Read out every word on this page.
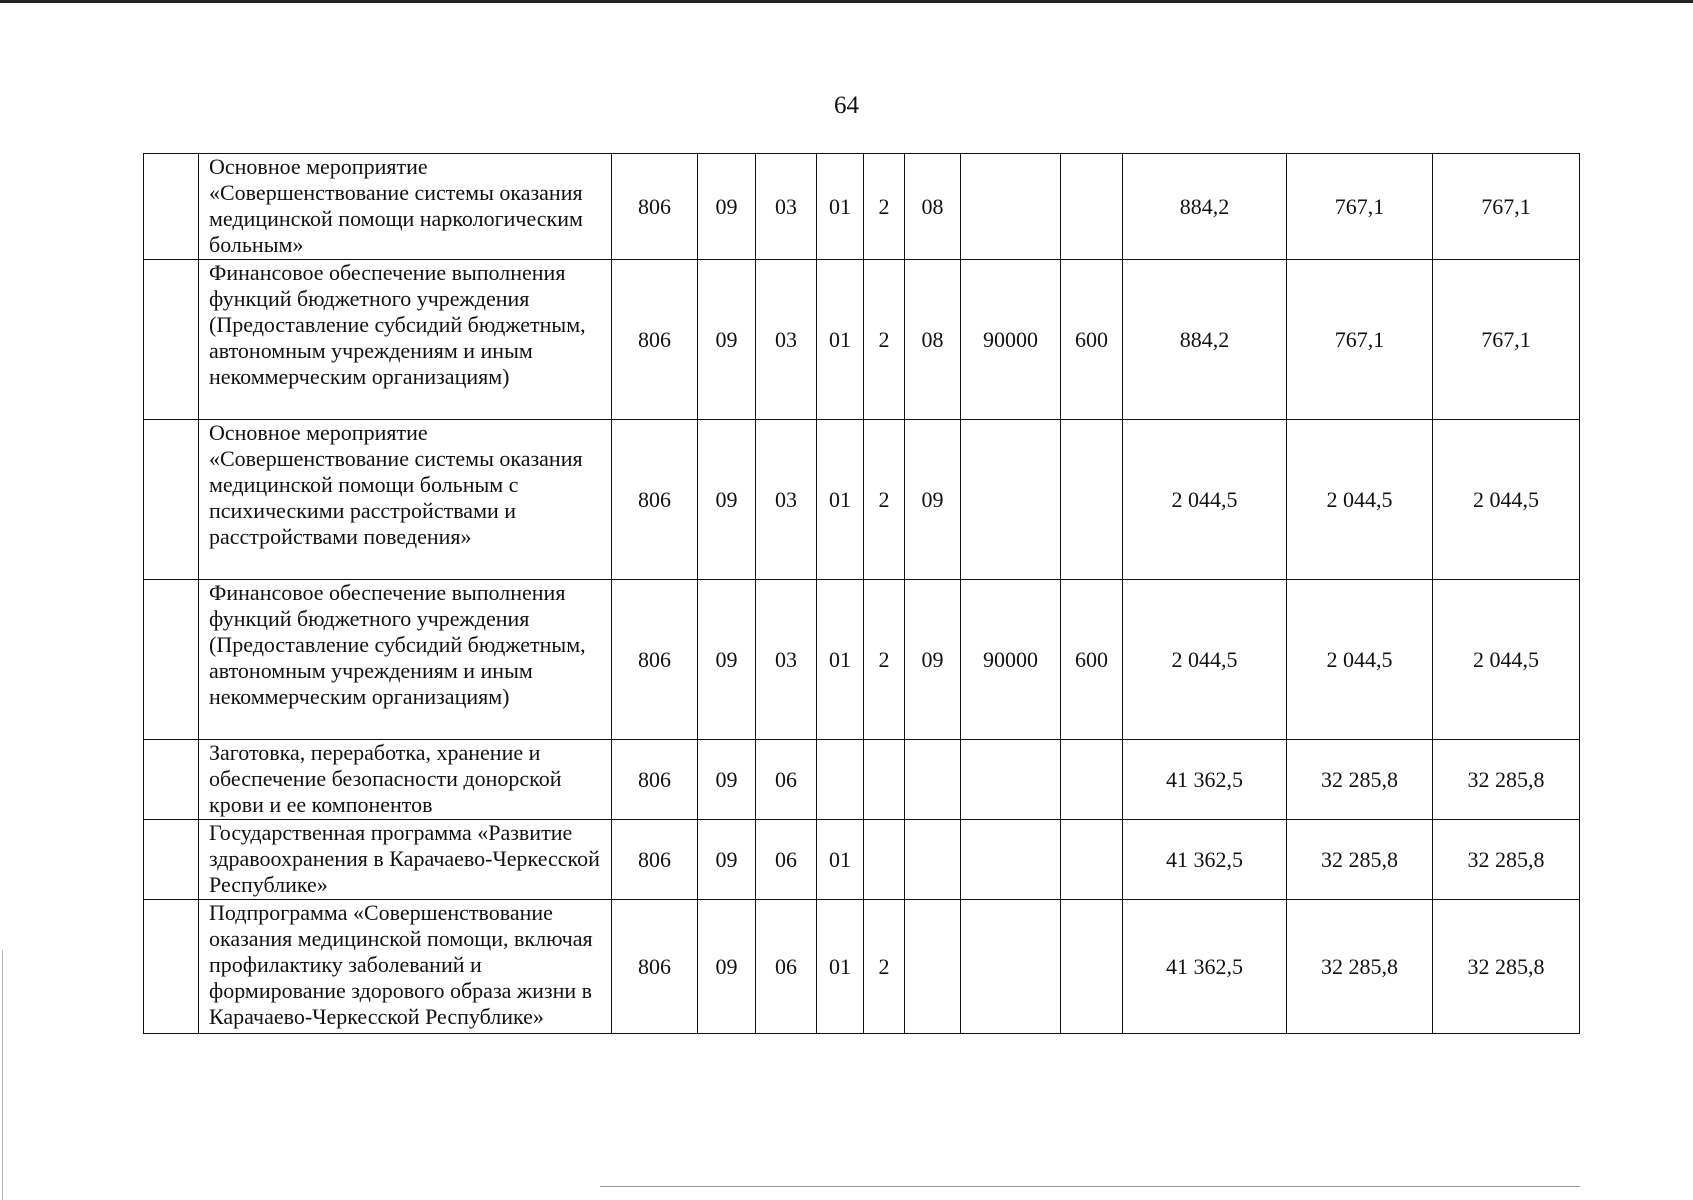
64
	Основное мероприятие «Совершенствование системы оказания медицинской помощи наркологическим больным»	806	09	03	01	2	08			884,2	767,1	767,1
	Финансовое обеспечение выполнения функций бюджетного учреждения (Предоставление субсидий бюджетным, автономным учреждениям и иным некоммерческим организациям)	806	09	03	01	2	08	90000	600	884,2	767,1	767,1
	Основное мероприятие «Совершенствование системы оказания медицинской помощи больным с психическими расстройствами и расстройствами поведения»	806	09	03	01	2	09			2 044,5	2 044,5	2 044,5
	Финансовое обеспечение выполнения функций бюджетного учреждения (Предоставление субсидий бюджетным, автономным учреждениям и иным некоммерческим организациям)	806	09	03	01	2	09	90000	600	2 044,5	2 044,5	2 044,5
	Заготовка, переработка, хранение и обеспечение безопасности донорской крови и ее компонентов	806	09	06						41 362,5	32 285,8	32 285,8
	Государственная программа «Развитие здравоохранения в Карачаево-Черкесской Республике»	806	09	06	01					41 362,5	32 285,8	32 285,8
	Подпрограмма «Совершенствование оказания медицинской помощи, включая профилактику заболеваний и формирование здорового образа жизни в Карачаево-Черкесской Республике»	806	09	06	01	2				41 362,5	32 285,8	32 285,8
